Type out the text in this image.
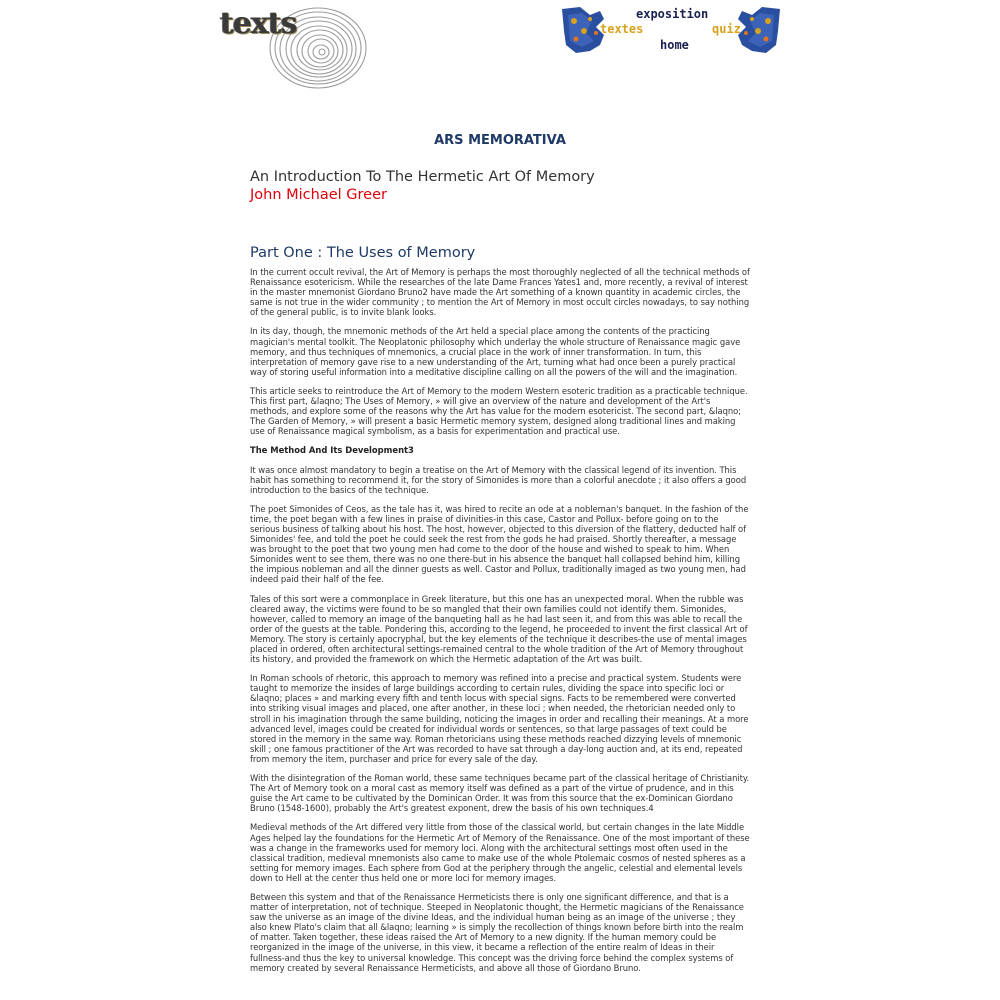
texts	exposition
textes	quiz
home
ARS MEMORATIVA

An Introduction To The Hermetic Art Of Memory

John Michael Greer

Part One : The Uses of Memory

In the current occult revival, the Art of Memory is perhaps the most thoroughly neglected of all the technical methods of Renaissance esotericism. While the researches of the late Dame Frances Yates1 and, more recently, a revival of interest in the master mnemonist Giordano Bruno2 have made the Art something of a known quantity in academic circles, the same is not true in the wider community ; to mention the Art of Memory in most occult circles nowadays, to say nothing of the general public, is to invite blank looks.

In its day, though, the mnemonic methods of the Art held a special place among the contents of the practicing magician's mental toolkit. The Neoplatonic philosophy which underlay the whole structure of Renaissance magic gave memory, and thus techniques of mnemonics, a crucial place in the work of inner transformation. In turn, this interpretation of memory gave rise to a new understanding of the Art, turning what had once been a purely practical way of storing useful information into a meditative discipline calling on all the powers of the will and the imagination.

This article seeks to reintroduce the Art of Memory to the modern Western esoteric tradition as a practicable technique. This first part, &laqno; The Uses of Memory, » will give an overview of the nature and development of the Art's methods, and explore some of the reasons why the Art has value for the modern esotericist. The second part, &laqno; The Garden of Memory, » will present a basic Hermetic memory system, designed along traditional lines and making use of Renaissance magical symbolism, as a basis for experimentation and practical use.

The Method And Its Development3

It was once almost mandatory to begin a treatise on the Art of Memory with the classical legend of its invention. This habit has something to recommend it, for the story of Simonides is more than a colorful anecdote ; it also offers a good introduction to the basics of the technique.

The poet Simonides of Ceos, as the tale has it, was hired to recite an ode at a nobleman's banquet. In the fashion of the time, the poet began with a few lines in praise of divinities-in this case, Castor and Pollux- before going on to the serious business of talking about his host. The host, however, objected to this diversion of the flattery, deducted half of Simonides' fee, and told the poet he could seek the rest from the gods he had praised. Shortly thereafter, a message was brought to the poet that two young men had come to the door of the house and wished to speak to him. When Simonides went to see them, there was no one there-but in his absence the banquet hall collapsed behind him, killing the impious nobleman and all the dinner guests as well. Castor and Pollux, traditionally imaged as two young men, had indeed paid their half of the fee.

Tales of this sort were a commonplace in Greek literature, but this one has an unexpected moral. When the rubble was cleared away, the victims were found to be so mangled that their own families could not identify them. Simonides, however, called to memory an image of the banqueting hall as he had last seen it, and from this was able to recall the order of the guests at the table. Pondering this, according to the legend, he proceeded to invent the first classical Art of Memory. The story is certainly apocryphal, but the key elements of the technique it describes-the use of mental images placed in ordered, often architectural settings-remained central to the whole tradition of the Art of Memory throughout its history, and provided the framework on which the Hermetic adaptation of the Art was built.

In Roman schools of rhetoric, this approach to memory was refined into a precise and practical system. Students were taught to memorize the insides of large buildings according to certain rules, dividing the space into specific loci or &laqno; places » and marking every fifth and tenth locus with special signs. Facts to be remembered were converted into striking visual images and placed, one after another, in these loci ; when needed, the rhetorician needed only to stroll in his imagination through the same building, noticing the images in order and recalling their meanings. At a more advanced level, images could be created for individual words or sentences, so that large passages of text could be stored in the memory in the same way. Roman rhetoricians using these methods reached dizzying levels of mnemonic skill ; one famous practitioner of the Art was recorded to have sat through a day-long auction and, at its end, repeated from memory the item, purchaser and price for every sale of the day.

With the disintegration of the Roman world, these same techniques became part of the classical heritage of Christianity. The Art of Memory took on a moral cast as memory itself was defined as a part of the virtue of prudence, and in this guise the Art came to be cultivated by the Dominican Order. It was from this source that the ex-Dominican Giordano Bruno (1548-1600), probably the Art's greatest exponent, drew the basis of his own techniques.4

Medieval methods of the Art differed very little from those of the classical world, but certain changes in the late Middle Ages helped lay the foundations for the Hermetic Art of Memory of the Renaissance. One of the most important of these was a change in the frameworks used for memory loci. Along with the architectural settings most often used in the classical tradition, medieval mnemonists also came to make use of the whole Ptolemaic cosmos of nested spheres as a setting for memory images. Each sphere from God at the periphery through the angelic, celestial and elemental levels down to Hell at the center thus held one or more loci for memory images.

Between this system and that of the Renaissance Hermeticists there is only one significant difference, and that is a matter of interpretation, not of technique. Steeped in Neoplatonic thought, the Hermetic magicians of the Renaissance saw the universe as an image of the divine Ideas, and the individual human being as an image of the universe ; they also knew Plato's claim that all &laqno; learning » is simply the recollection of things known before birth into the realm of matter. Taken together, these ideas raised the Art of Memory to a new dignity. If the human memory could be reorganized in the image of the universe, in this view, it became a reflection of the entire realm of Ideas in their fullness-and thus the key to universal knowledge. This concept was the driving force behind the complex systems of memory created by several Renaissance Hermeticists, and above all those of Giordano Bruno.
